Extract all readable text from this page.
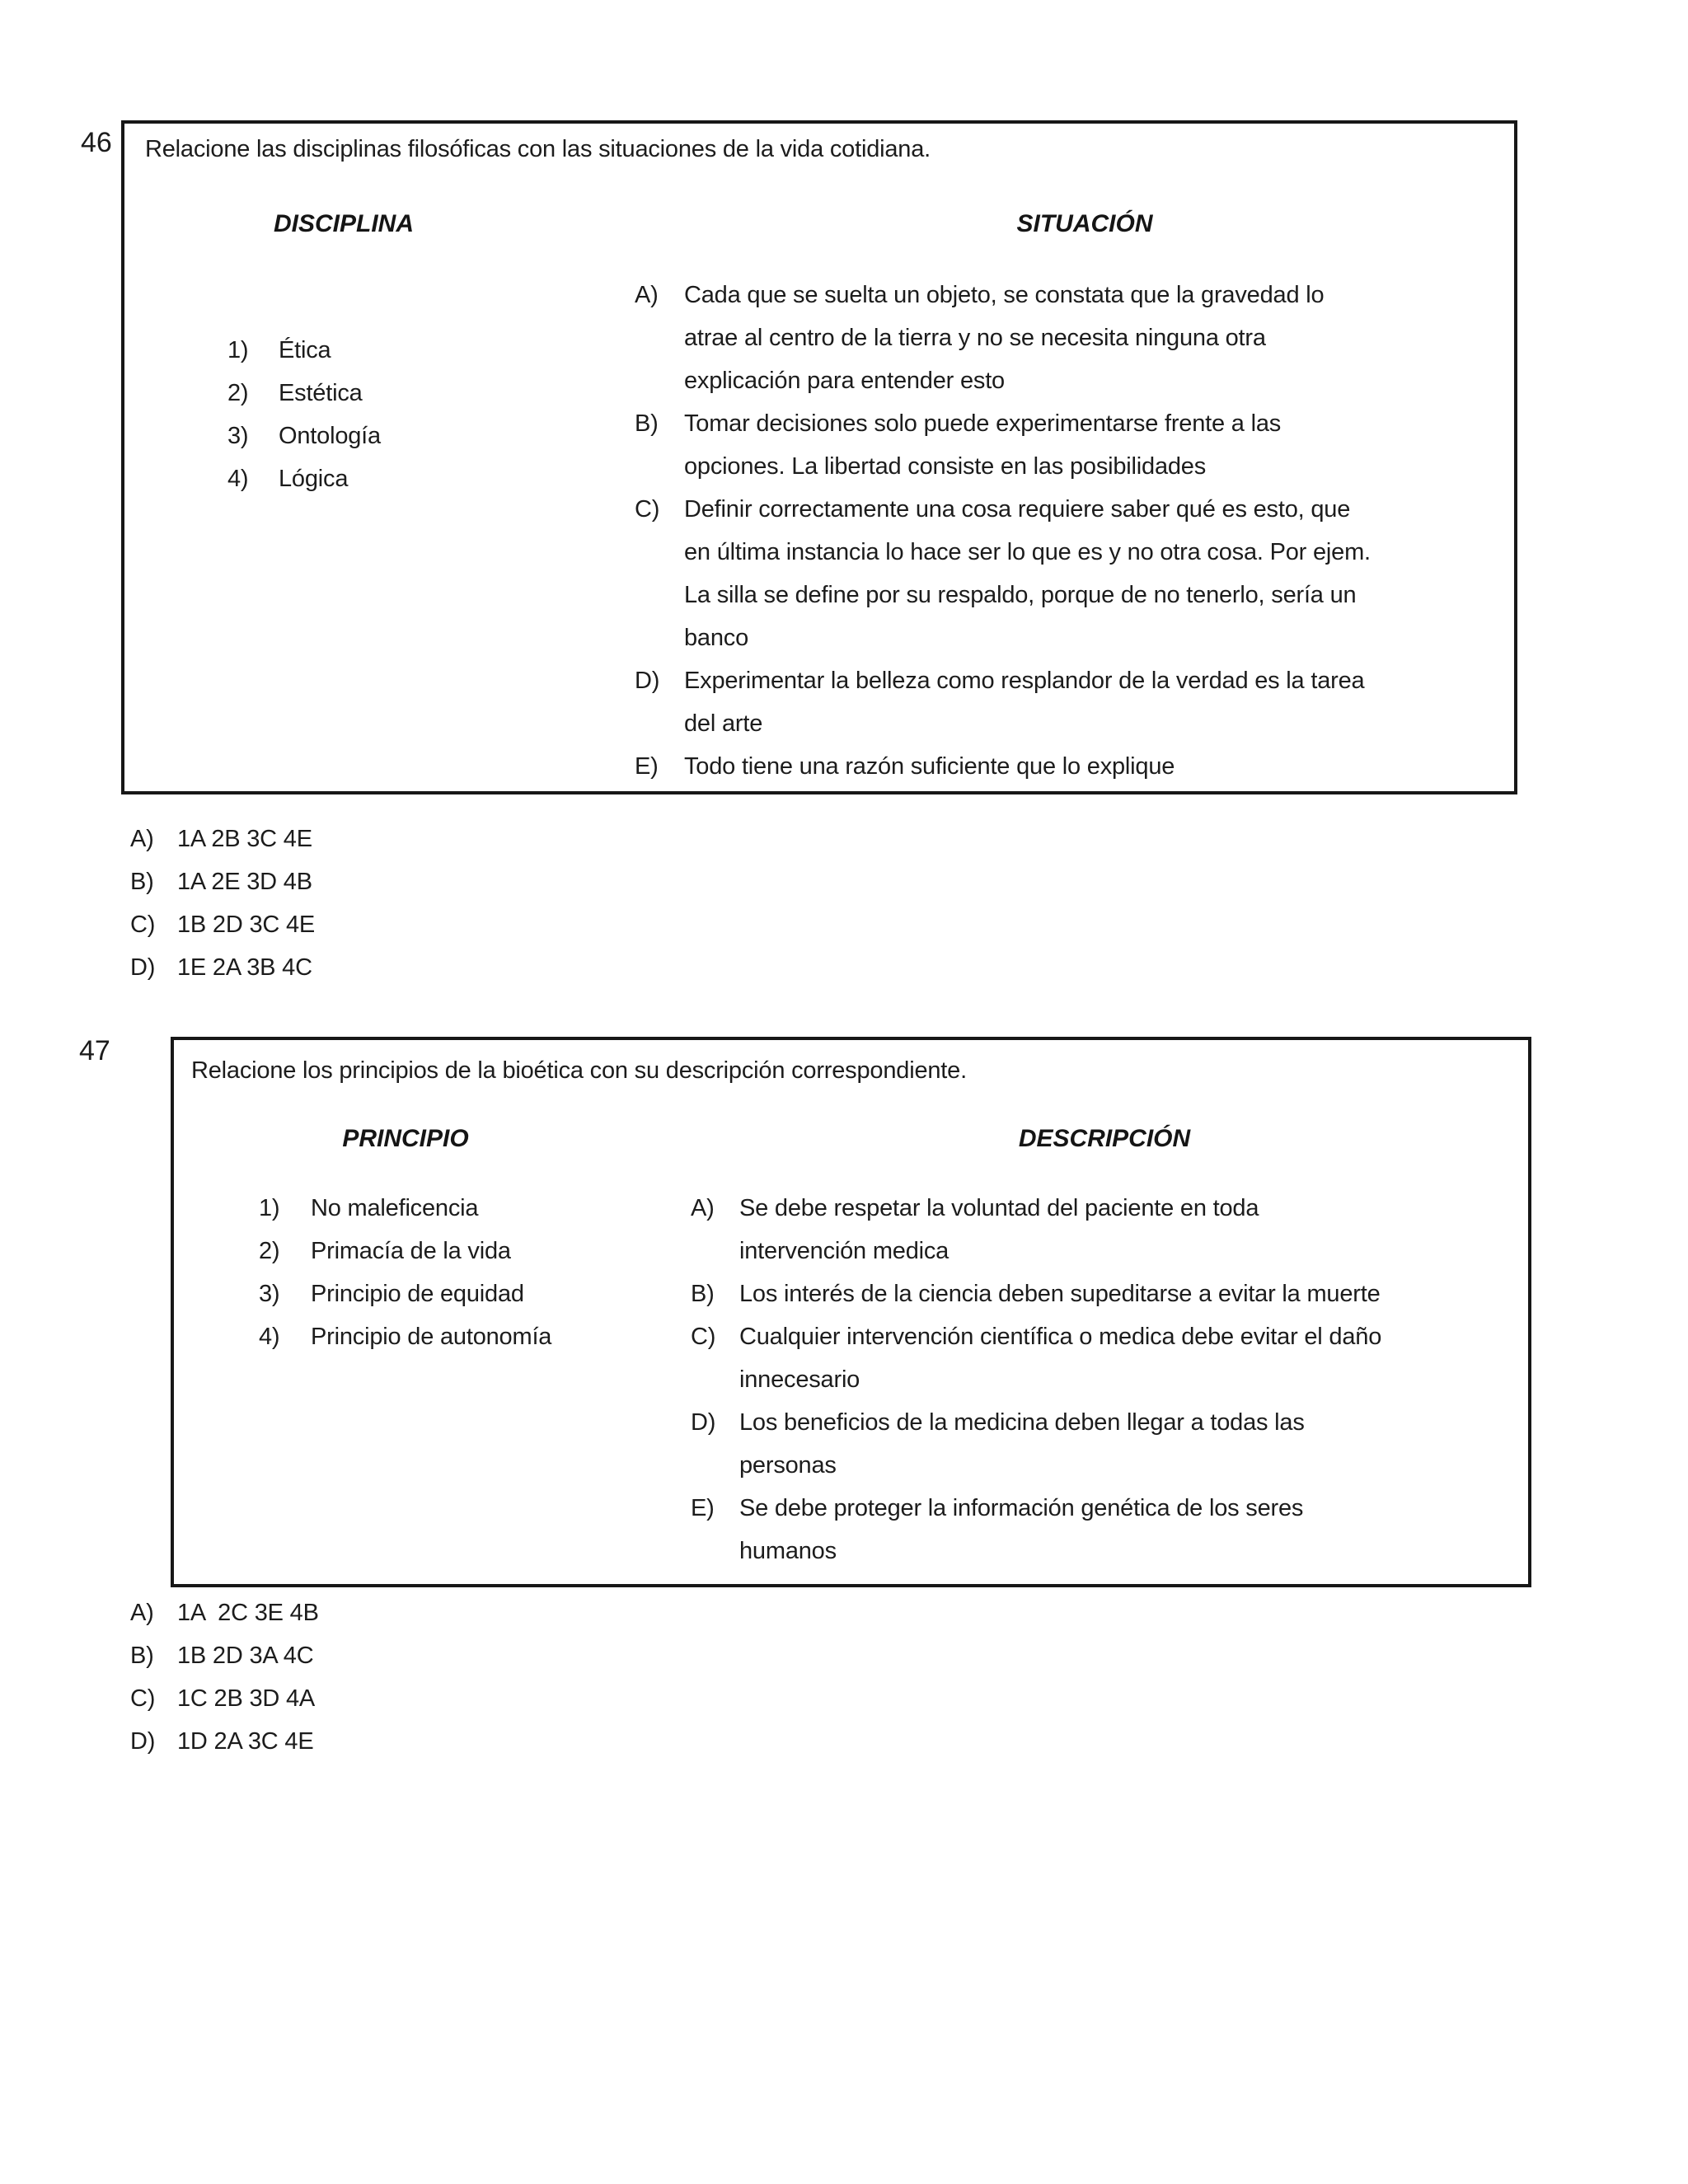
46 Relacione las disciplinas filosóficas con las situaciones de la vida cotidiana.
DISCIPLINA	SITUACIÓN
1) Ética
2) Estética
3) Ontología
4) Lógica
A) Cada que se suelta un objeto, se constata que la gravedad lo
atrae al centro de la tierra y no se necesita ninguna otra
explicación para entender esto
B) Tomar decisiones solo puede experimentarse frente a las
opciones. La libertad consiste en las posibilidades
C) Definir correctamente una cosa requiere saber qué es esto, que
en última instancia lo hace ser lo que es y no otra cosa. Por ejem.
La silla se define por su respaldo, porque de no tenerlo, sería un
banco
D) Experimentar la belleza como resplandor de la verdad es la tarea
del arte
E) Todo tiene una razón suficiente que lo explique
A) 1A 2B 3C 4E
B) 1A 2E 3D 4B
C) 1B 2D 3C 4E
D) 1E 2A 3B 4C
47
Relacione los principios de la bioética con su descripción correspondiente.
PRINCIPIO	DESCRIPCIÓN
1) No maleficencia
2) Primacía de la vida
3) Principio de equidad
4) Principio de autonomía
A) Se debe respetar la voluntad del paciente en toda
intervención medica
B) Los interés de la ciencia deben supeditarse a evitar la muerte
C) Cualquier intervención científica o medica debe evitar el daño
innecesario
D) Los beneficios de la medicina deben llegar a todas las
personas
E) Se debe proteger la información genética de los seres
humanos
A) 1A  2C 3E 4B
B) 1B 2D 3A 4C
C) 1C 2B 3D 4A
D) 1D 2A 3C 4E
